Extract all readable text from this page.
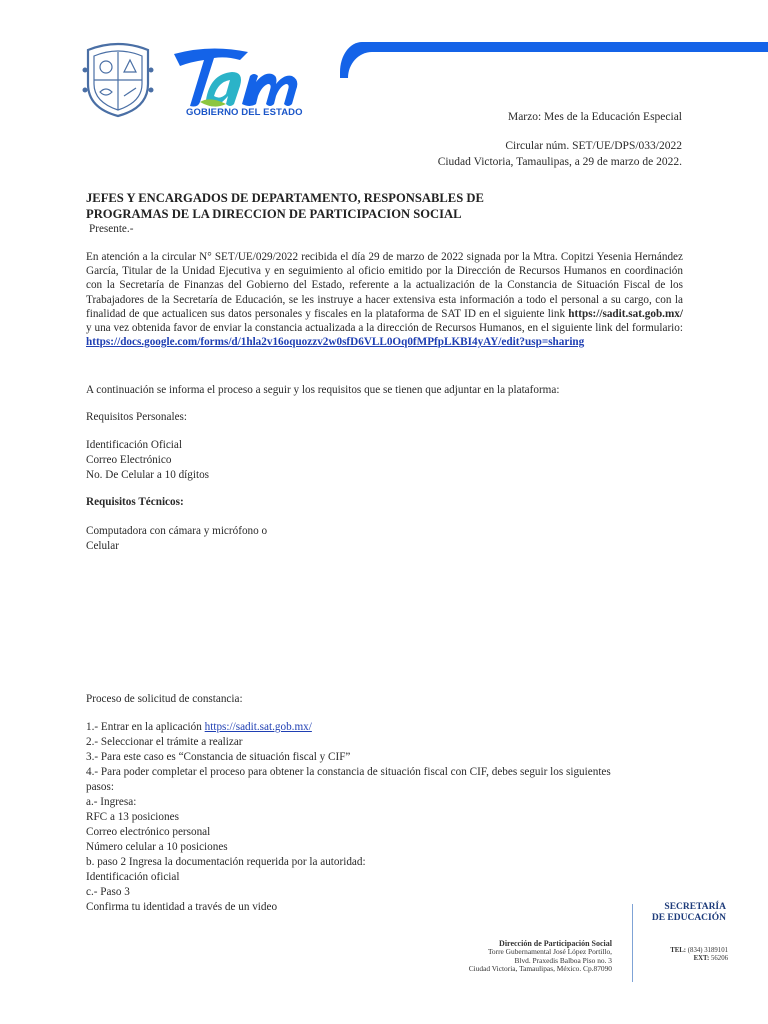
GOBIERNO DEL ESTADO	Marzo: Mes de la Educación Especial
Circular núm. SET/UE/DPS/033/2022
Ciudad Victoria, Tamaulipas, a 29 de marzo de 2022.
JEFES Y ENCARGADOS DE DEPARTAMENTO, RESPONSABLES DE
PROGRAMAS DE LA DIRECCION DE PARTICIPACION SOCIAL
Presente.-
En atención a la circular N° SET/UE/029/2022 recibida el día 29 de marzo de 2022 signada por la Mtra. Copitzi Yesenia Hernández García, Titular de la Unidad Ejecutiva y en seguimiento al oficio emitido por la Dirección de Recursos Humanos en coordinación con la Secretaría de Finanzas del Gobierno del Estado, referente a la actualización de la Constancia de Situación Fiscal de los Trabajadores de la Secretaría de Educación, se les instruye a hacer extensiva esta información a todo el personal a su cargo, con la finalidad de que actualicen sus datos personales y fiscales en la plataforma de SAT ID en el siguiente link https://sadit.sat.gob.mx/ y una vez obtenida favor de enviar la constancia actualizada a la dirección de Recursos Humanos, en el siguiente link del formulario: https://docs.google.com/forms/d/1hla2v16oquozzv2w0sfD6VLL0Oq0fMPfpLKBI4yAY/edit?usp=sharing
A continuación se informa el proceso a seguir y los requisitos que se tienen que adjuntar en la plataforma:
Requisitos Personales:
Identificación Oficial
Correo Electrónico
No. De Celular a 10 dígitos
Requisitos Técnicos:
Computadora con cámara y micrófono o
Celular
Proceso de solicitud de constancia:
1.- Entrar en la aplicación https://sadit.sat.gob.mx/
2.- Seleccionar el trámite a realizar
3.- Para este caso es “Constancia de situación fiscal y CIF”
4.- Para poder completar el proceso para obtener la constancia de situación fiscal con CIF, debes seguir los siguientes
pasos:
a.- Ingresa:
RFC a 13 posiciones
Correo electrónico personal
Número celular a 10 posiciones
b. paso 2 Ingresa la documentación requerida por la autoridad:
Identificación oficial
c.- Paso 3
Confirma tu identidad a través de un video
Dirección de Participación Social
Torre Gubernamental José López Portillo,
Blvd. Praxedis Balboa Piso no. 3
Ciudad Victoria, Tamaulipas, México. Cp.87090
SECRETARÍA
DE EDUCACIÓN
TEL: (834) 3189101
EXT: 56206
